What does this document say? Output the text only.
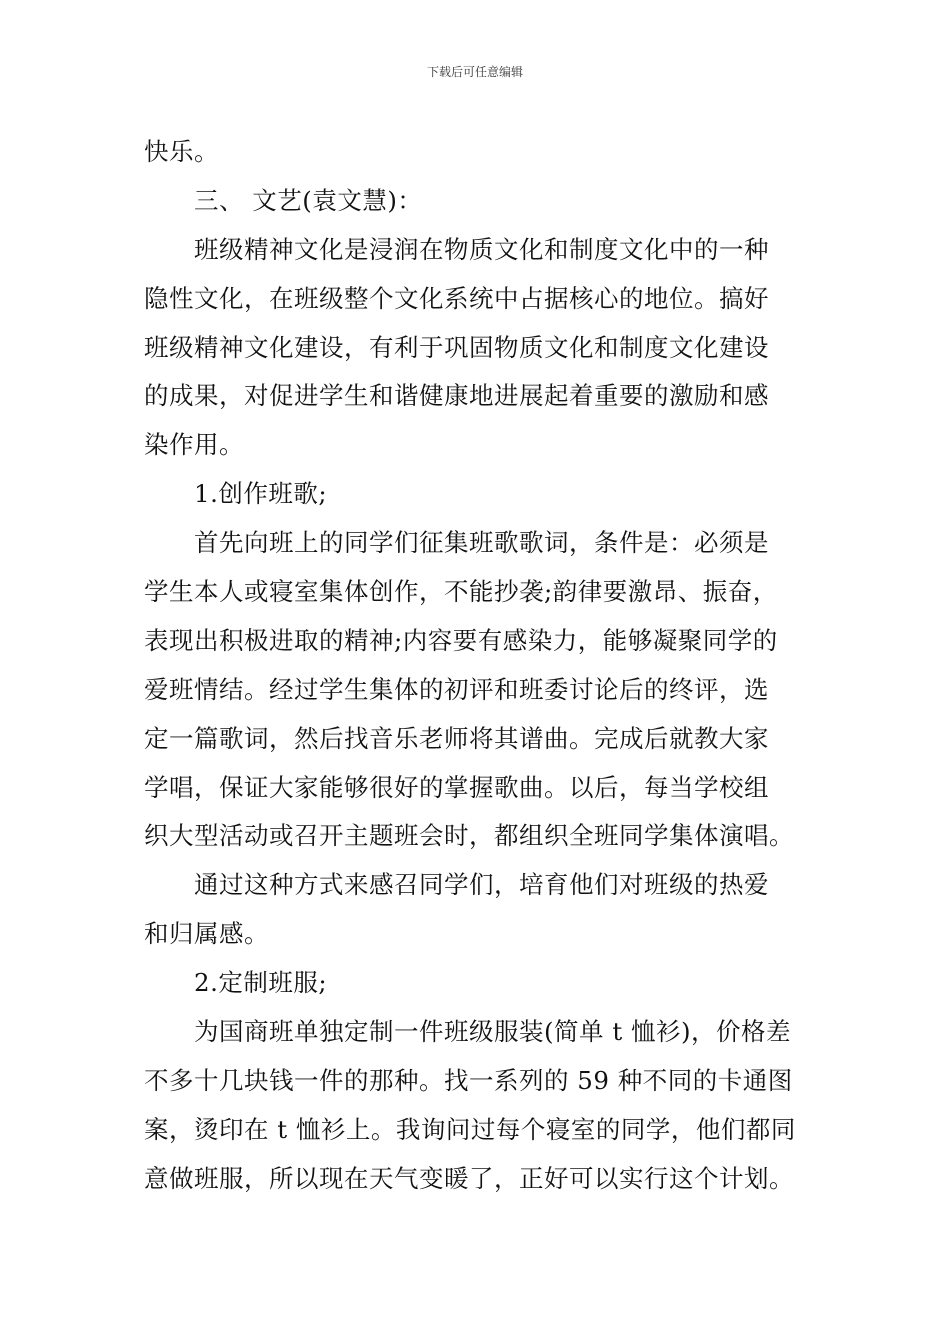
下载后可任意编辑
快乐。
三、 文艺(袁文慧)：
班级精神文化是浸润在物质文化和制度文化中的一种
隐性文化，在班级整个文化系统中占据核心的地位。搞好
班级精神文化建设，有利于巩固物质文化和制度文化建设
的成果，对促进学生和谐健康地进展起着重要的激励和感
染作用。
1.创作班歌;
首先向班上的同学们征集班歌歌词，条件是：必须是
学生本人或寝室集体创作，不能抄袭;韵律要激昂、振奋，
表现出积极进取的精神;内容要有感染力，能够凝聚同学的
爱班情结。经过学生集体的初评和班委讨论后的终评，选
定一篇歌词，然后找音乐老师将其谱曲。完成后就教大家
学唱，保证大家能够很好的掌握歌曲。以后，每当学校组
织大型活动或召开主题班会时，都组织全班同学集体演唱。
通过这种方式来感召同学们，培育他们对班级的热爱
和归属感。
2.定制班服;
为国商班单独定制一件班级服装(简单 t 恤衫)，价格差
不多十几块钱一件的那种。找一系列的 59 种不同的卡通图
案，烫印在 t 恤衫上。我询问过每个寝室的同学，他们都同
意做班服，所以现在天气变暖了，正好可以实行这个计划。
